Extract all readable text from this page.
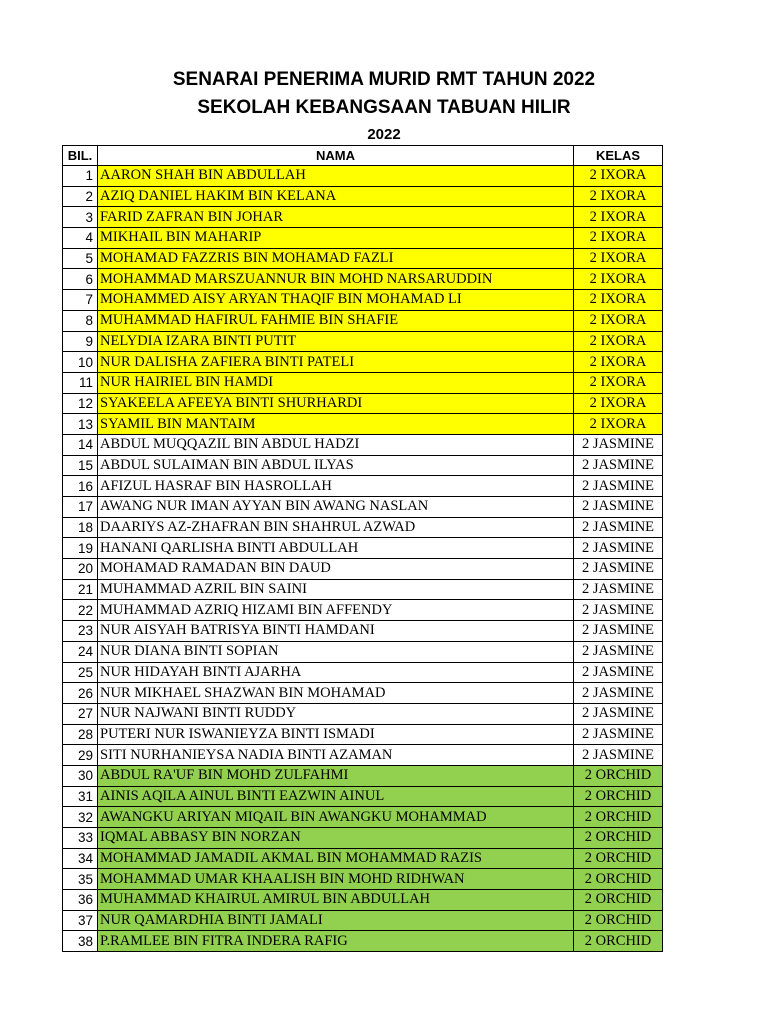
SENARAI PENERIMA MURID RMT TAHUN 2022
SEKOLAH KEBANGSAAN TABUAN HILIR
2022
BIL.	NAMA	KELAS
1	AARON SHAH BIN ABDULLAH	2 IXORA
2	AZIQ DANIEL HAKIM BIN KELANA	2 IXORA
3	FARID ZAFRAN BIN JOHAR	2 IXORA
4	MIKHAIL BIN MAHARIP	2 IXORA
5	MOHAMAD FAZZRIS BIN MOHAMAD FAZLI	2 IXORA
6	MOHAMMAD MARSZUANNUR BIN MOHD NARSARUDDIN	2 IXORA
7	MOHAMMED AISY ARYAN THAQIF BIN MOHAMAD LI	2 IXORA
8	MUHAMMAD HAFIRUL FAHMIE BIN SHAFIE	2 IXORA
9	NELYDIA IZARA BINTI PUTIT	2 IXORA
10	NUR DALISHA ZAFIERA BINTI PATELI	2 IXORA
11	NUR HAIRIEL BIN HAMDI	2 IXORA
12	SYAKEELA AFEEYA BINTI SHURHARDI	2 IXORA
13	SYAMIL BIN MANTAIM	2 IXORA
14	ABDUL MUQQAZIL BIN ABDUL HADZI	2 JASMINE
15	ABDUL SULAIMAN BIN ABDUL ILYAS	2 JASMINE
16	AFIZUL HASRAF BIN HASROLLAH	2 JASMINE
17	AWANG NUR IMAN AYYAN BIN AWANG NASLAN	2 JASMINE
18	DAARIYS AZ-ZHAFRAN BIN SHAHRUL AZWAD	2 JASMINE
19	HANANI QARLISHA BINTI ABDULLAH	2 JASMINE
20	MOHAMAD RAMADAN BIN DAUD	2 JASMINE
21	MUHAMMAD AZRIL BIN SAINI	2 JASMINE
22	MUHAMMAD AZRIQ HIZAMI BIN AFFENDY	2 JASMINE
23	NUR AISYAH BATRISYA BINTI HAMDANI	2 JASMINE
24	NUR DIANA BINTI SOPIAN	2 JASMINE
25	NUR HIDAYAH BINTI AJARHA	2 JASMINE
26	NUR MIKHAEL SHAZWAN BIN MOHAMAD	2 JASMINE
27	NUR NAJWANI BINTI RUDDY	2 JASMINE
28	PUTERI NUR ISWANIEYZA BINTI ISMADI	2 JASMINE
29	SITI NURHANIEYSA NADIA BINTI AZAMAN	2 JASMINE
30	ABDUL RA'UF BIN MOHD ZULFAHMI	2 ORCHID
31	AINIS AQILA AINUL BINTI EAZWIN AINUL	2 ORCHID
32	AWANGKU ARIYAN MIQAIL BIN AWANGKU MOHAMMAD	2 ORCHID
33	IQMAL ABBASY BIN NORZAN	2 ORCHID
34	MOHAMMAD JAMADIL AKMAL BIN MOHAMMAD RAZIS	2 ORCHID
35	MOHAMMAD UMAR KHAALISH BIN MOHD RIDHWAN	2 ORCHID
36	MUHAMMAD KHAIRUL AMIRUL BIN ABDULLAH	2 ORCHID
37	NUR QAMARDHIA BINTI JAMALI	2 ORCHID
38	P.RAMLEE BIN FITRA INDERA RAFIG	2 ORCHID
